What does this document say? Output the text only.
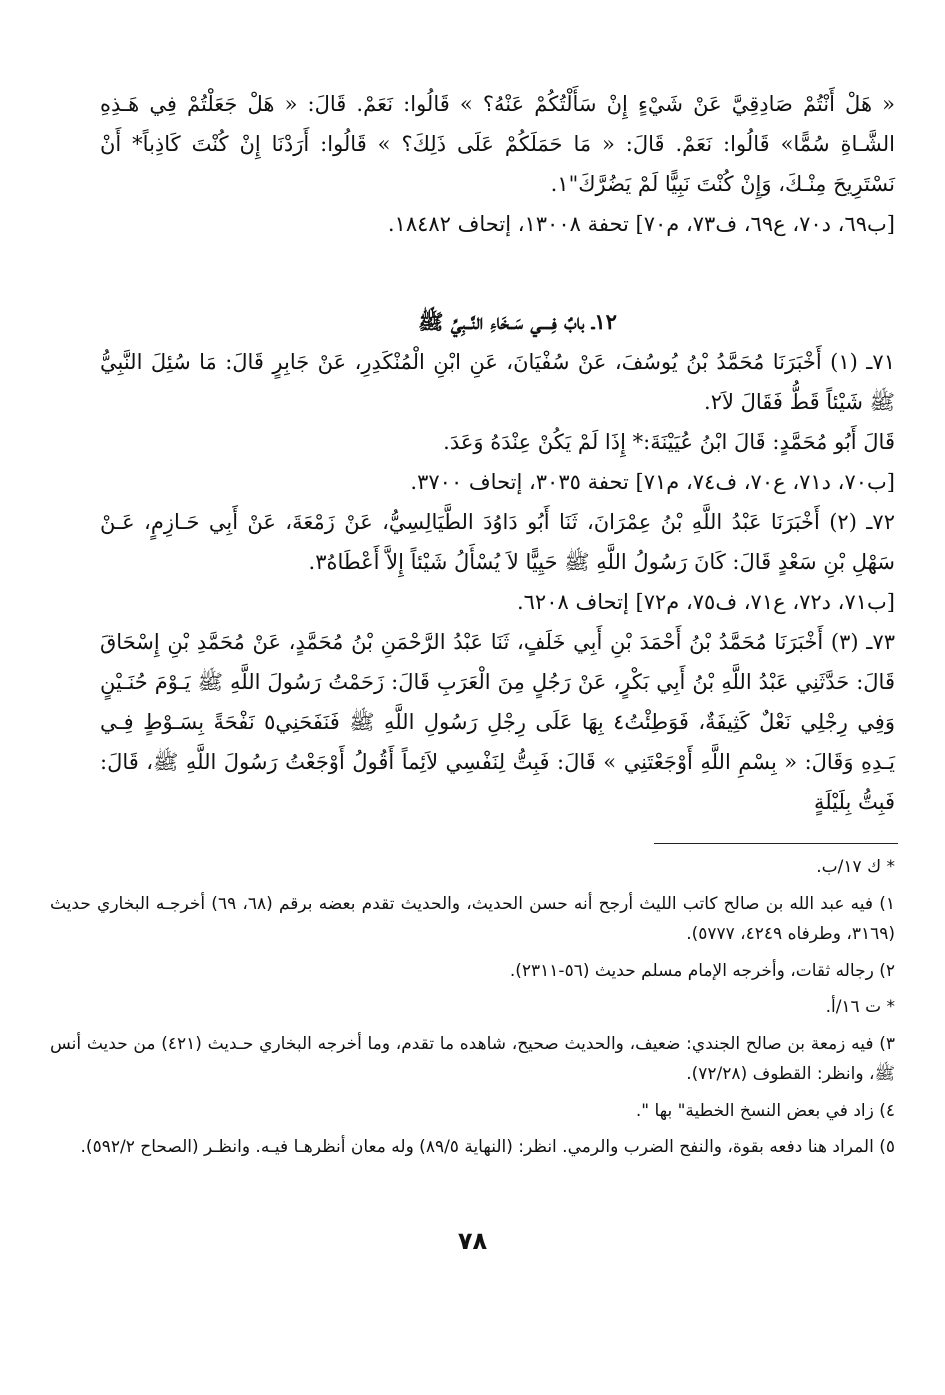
« هَلْ أَنْتُمْ صَادِقِيَّ عَنْ شَيْءٍ إِنْ سَأَلْتُكُمْ عَنْهُ؟ » قَالُوا: نَعَمْ. قَالَ: « هَلْ جَعَلْتُمْ فِي هَـذِهِ الشَّـاةِ سُمًّا» قَالُوا: نَعَمْ. قَالَ: « مَا حَمَلَكُمْ عَلَى ذَلِكَ؟ » قَالُوا: أَرَدْنَا إِنْ كُنْتَ كَاذِباً* أَنْ نَسْتَرِيحَ مِنْـكَ، وَإِنْ كُنْتَ نَبِيًّا لَمْ يَضُرَّكَ"١.

[ب٦٩، د٧٠، ع٦٩، ف٧٣، م٧٠] تحفة ١٣٠٠٨، إتحاف ١٨٤٨٢.

١٢ـ بابٌ فِــــي سَــخَاءِ النَّــبِيِّ ﷺ

٧١ـ (١) أَخْبَرَنَا مُحَمَّدُ بْنُ يُوسُفَ، عَنْ سُفْيَانَ، عَنِ ابْنِ الْمُنْكَدِرِ، عَنْ جَابِرٍ قَالَ: مَا سُئِلَ النَّبِيُّ ﷺ شَيْئاً قَطُّ فَقَالَ لاَ٢.

قَالَ أَبُو مُحَمَّدٍ: قَالَ ابْنُ عُيَيْنَةَ:* إِذَا لَمْ يَكُنْ عِنْدَهُ وَعَدَ.

[ب٧٠، د٧١، ع٧٠، ف٧٤، م٧١] تحفة ٣٠٣٥، إتحاف ٣٧٠٠.

٧٢ـ (٢) أَخْبَرَنَا عَبْدُ اللَّهِ بْنُ عِمْرَانَ، ثَنَا أَبُو دَاوُدَ الطَّيَالِسِيُّ، عَنْ زَمْعَةَ، عَنْ أَبِي حَـازِمٍ، عَـنْ سَهْلِ بْنِ سَعْدٍ قَالَ: كَانَ رَسُولُ اللَّهِ ﷺ حَيِيًّا لاَ يُسْأَلُ شَيْئاً إِلاَّ أَعْطَاهُ٣.

[ب٧١، د٧٢، ع٧١، ف٧٥، م٧٢] إتحاف ٦٢٠٨.

٧٣ـ (٣) أَخْبَرَنَا مُحَمَّدُ بْنُ أَحْمَدَ بْنِ أَبِي خَلَفٍ، ثَنَا عَبْدُ الرَّحْمَنِ بْنُ مُحَمَّدٍ، عَنْ مُحَمَّدِ بْنِ إِسْحَاقَ قَالَ: حَدَّثَنِي عَبْدُ اللَّهِ بْنُ أَبِي بَكْرٍ، عَنْ رَجُلٍ مِنَ الْعَرَبِ قَالَ: زَحَمْتُ رَسُولَ اللَّهِ ﷺ يَـوْمَ حُنَـيْنٍ وَفِي رِجْلِي نَعْلٌ كَثِيفَةٌ، فَوَطِئْتُ٤ بِهَا عَلَى رِجْلِ رَسُولِ اللَّهِ ﷺ فَنَفَحَنِي٥ نَفْحَةً بِسَـوْطٍ فِـي يَـدِهِ وَقَالَ: « بِسْمِ اللَّهِ أَوْجَعْتَنِي » قَالَ: فَبِتُّ لِنَفْسِي لاَئِماً أَقُولُ أَوْجَعْتُ رَسُولَ اللَّهِ ﷺ، قَالَ: فَبِتُّ بِلَيْلَةٍ

* ك ١٧/ب.

١) فيه عبد الله بن صالح كاتب الليث أرجح أنه حسن الحديث، والحديث تقدم بعضه برقم (٦٨، ٦٩) أخرجـه البخاري حديث (٣١٦٩، وطرفاه ٤٢٤٩، ٥٧٧٧).

٢) رجاله ثقات، وأخرجه الإمام مسلم حديث (٥٦-٢٣١١).

* ت ١٦/أ.

٣) فيه زمعة بن صالح الجندي: ضعيف، والحديث صحيح، شاهده ما تقدم، وما أخرجه البخاري حـديث (٤٢١) من حديث أنس ﷺ، وانظر: القطوف (٧٢/٢٨).

٤) زاد في بعض النسخ الخطية" بها ".

٥) المراد هنا دفعه بقوة، والنفح الضرب والرمي. انظر: (النهاية ٨٩/٥) وله معان أنظرهـا فيـه. وانظـر (الصحاح ٥٩٢/٢).

٧٨
